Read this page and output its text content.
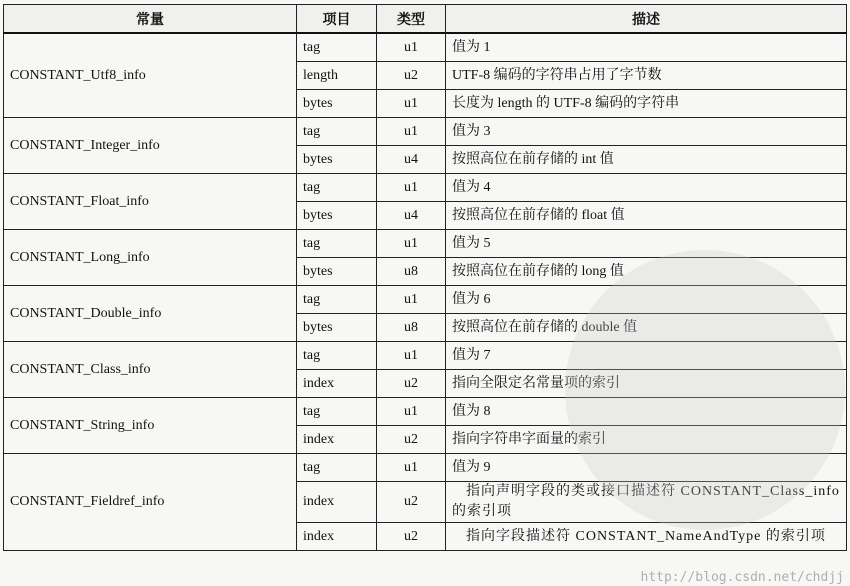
常量	项目	类型	描述
CONSTANT_Utf8_info	tag	u1	值为 1
	length	u2	UTF-8 编码的字符串占用了字节数
	bytes	u1	长度为 length 的 UTF-8 编码的字符串
CONSTANT_Integer_info	tag	u1	值为 3
	bytes	u4	按照高位在前存储的 int 值
CONSTANT_Float_info	tag	u1	值为 4
	bytes	u4	按照高位在前存储的 float 值
CONSTANT_Long_info	tag	u1	值为 5
	bytes	u8	按照高位在前存储的 long 值
CONSTANT_Double_info	tag	u1	值为 6
	bytes	u8	按照高位在前存储的 double 值
CONSTANT_Class_info	tag	u1	值为 7
	index	u2	指向全限定名常量项的索引
CONSTANT_String_info	tag	u1	值为 8
	index	u2	指向字符串字面量的索引
CONSTANT_Fieldref_info	tag	u1	值为 9
	index	u2	指向声明字段的类或接口描述符 CONSTANT_Class_info 的索引项
	index	u2	指向字段描述符 CONSTANT_NameAndType 的索引项
http://blog.csdn.net/chdjj
